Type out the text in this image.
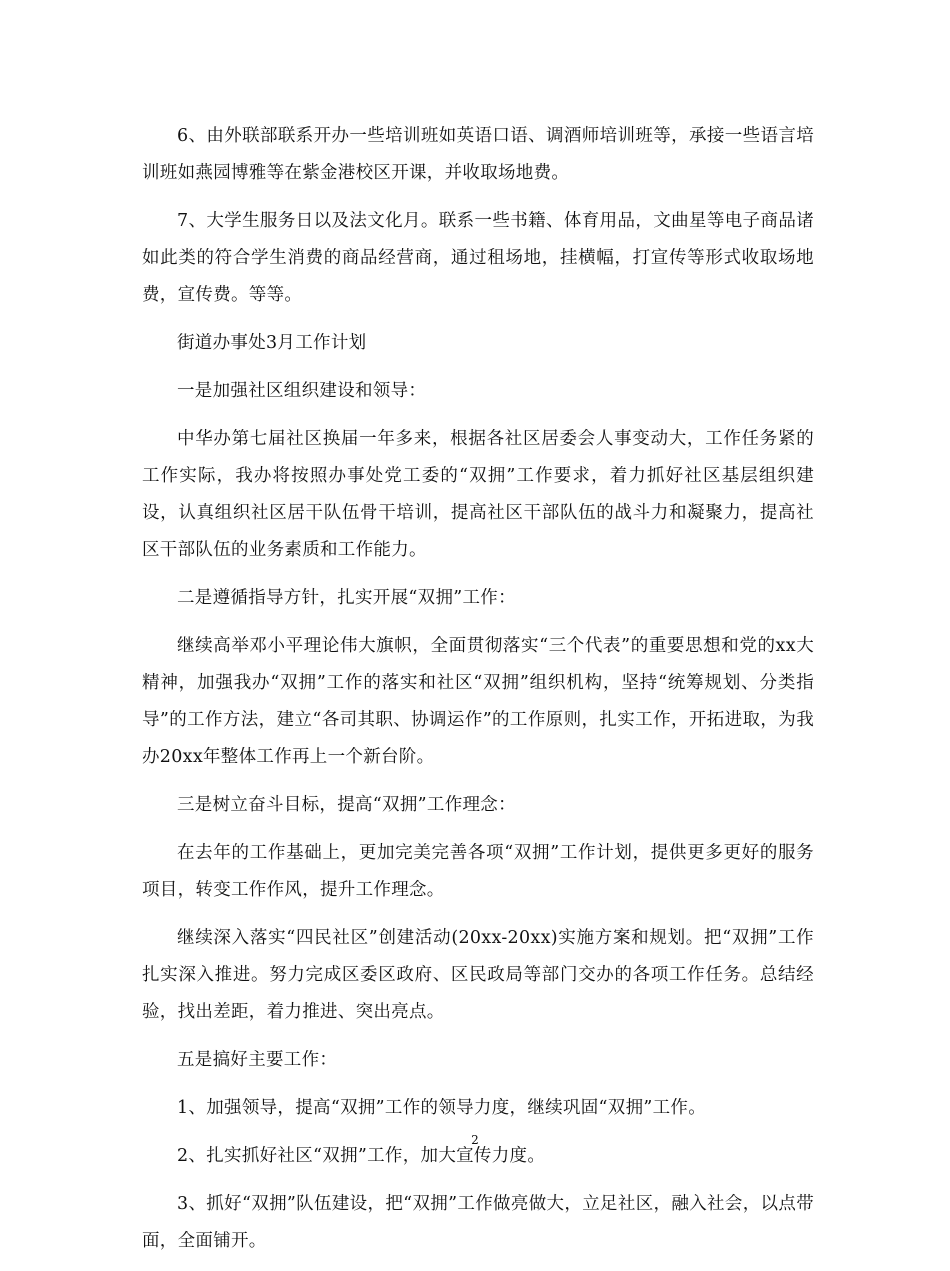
6、由外联部联系开办一些培训班如英语口语、调酒师培训班等，承接一些语言培训班如燕园博雅等在紫金港校区开课，并收取场地费。

7、大学生服务日以及法文化月。联系一些书籍、体育用品，文曲星等电子商品诸如此类的符合学生消费的商品经营商，通过租场地，挂横幅，打宣传等形式收取场地费，宣传费。等等。

街道办事处3月工作计划

一是加强社区组织建设和领导：

中华办第七届社区换届一年多来，根据各社区居委会人事变动大，工作任务紧的工作实际，我办将按照办事处党工委的“双拥”工作要求，着力抓好社区基层组织建设，认真组织社区居干队伍骨干培训，提高社区干部队伍的战斗力和凝聚力，提高社区干部队伍的业务素质和工作能力。

二是遵循指导方针，扎实开展“双拥”工作：

继续高举邓小平理论伟大旗帜，全面贯彻落实“三个代表”的重要思想和党的xx大精神，加强我办“双拥”工作的落实和社区“双拥”组织机构，坚持“统筹规划、分类指导”的工作方法，建立“各司其职、协调运作”的工作原则，扎实工作，开拓进取，为我办20xx年整体工作再上一个新台阶。

三是树立奋斗目标，提高“双拥”工作理念：

在去年的工作基础上，更加完美完善各项“双拥”工作计划，提供更多更好的服务项目，转变工作作风，提升工作理念。

继续深入落实“四民社区”创建活动(20xx-20xx)实施方案和规划。把“双拥”工作扎实深入推进。努力完成区委区政府、区民政局等部门交办的各项工作任务。总结经验，找出差距，着力推进、突出亮点。

五是搞好主要工作：

1、加强领导，提高“双拥”工作的领导力度，继续巩固“双拥”工作。

2、扎实抓好社区“双拥”工作，加大宣传力度。

3、抓好“双拥”队伍建设，把“双拥”工作做亮做大，立足社区，融入社会，以点带面，全面铺开。

2
